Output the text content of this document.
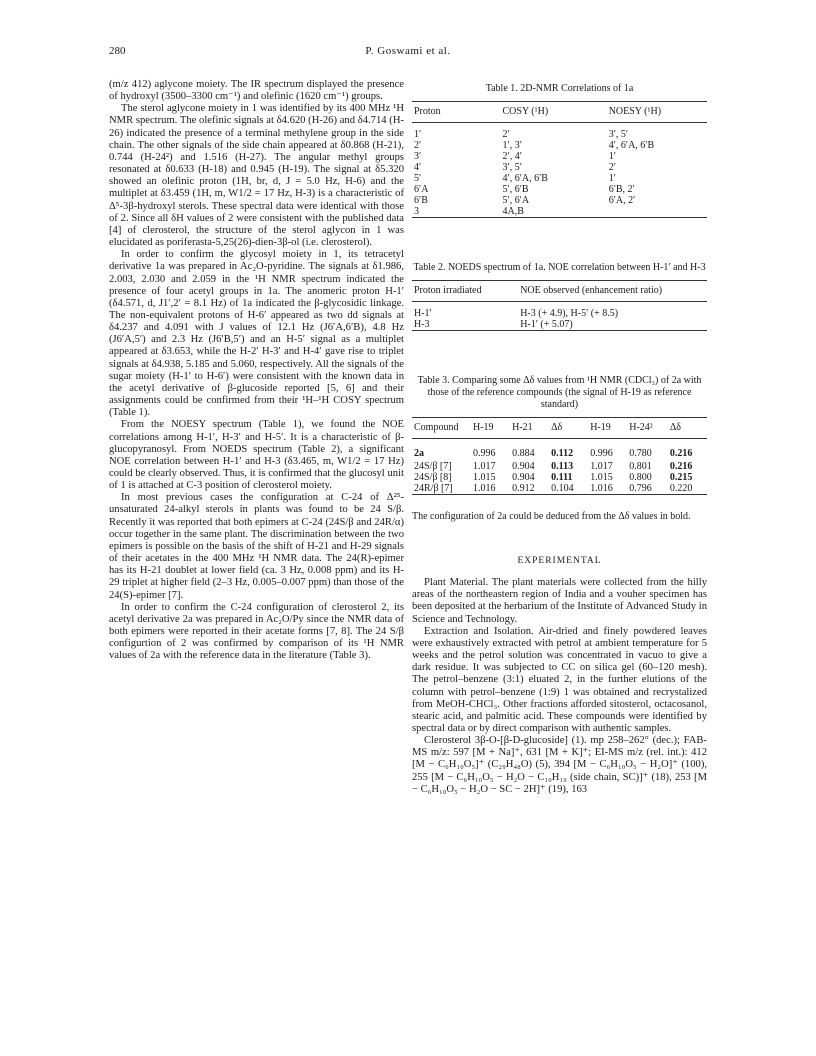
280	P. Goswami et al.

(m/z 412) aglycone moiety. The IR spectrum displayed the presence of hydroxyl (3500–3300 cm⁻¹) and olefinic (1620 cm⁻¹) groups.

The sterol aglycone moiety in 1 was identified by its 400 MHz ¹H NMR spectrum. The olefinic signals at δ4.620 (H-26) and δ4.714 (H-26) indicated the presence of a terminal methylene group in the side chain. The other signals of the side chain appeared at δ0.868 (H-21), 0.744 (H-24²) and 1.516 (H-27). The angular methyl groups resonated at δ0.633 (H-18) and 0.945 (H-19). The signal at δ5.320 showed an olefinic proton (1H, br, d, J = 5.0 Hz, H-6) and the multiplet at δ3.459 (1H, m, W1/2 = 17 Hz, H-3) is a characteristic of Δ⁵-3β-hydroxyl sterols. These spectral data were identical with those of 2. Since all δH values of 2 were consistent with the published data [4] of clerosterol, the structure of the sterol aglycon in 1 was elucidated as poriferasta-5,25(26)-dien-3β-ol (i.e. clerosterol).

In order to confirm the glycosyl moiety in 1, its tetracetyl derivative 1a was prepared in Ac₂O-pyridine. The signals at δ1.986, 2.003, 2.030 and 2.059 in the ¹H NMR spectrum indicated the presence of four acetyl groups in 1a. The anomeric proton H-1′ (δ4.571, d, J1′,2′ = 8.1 Hz) of 1a indicated the β-glycosidic linkage. The non-equivalent protons of H-6′ appeared as two dd signals at δ4.237 and 4.091 with J values of 12.1 Hz (J6′A,6′B), 4.8 Hz (J6′A,5′) and 2.3 Hz (J6′B,5′) and an H-5′ signal as a multiplet appeared at δ3.653, while the H-2′ H-3′ and H-4′ gave rise to triplet signals at δ4.938, 5.185 and 5.060, respectively. All the signals of the sugar moiety (H-1′ to H-6′) were consistent with the known data in the acetyl derivative of β-glucoside reported [5, 6] and their assignments could be confirmed from their ¹H–¹H COSY spectrum (Table 1).

From the NOESY spectrum (Table 1), we found the NOE correlations among H-1′, H-3′ and H-5′. It is a characteristic of β-glucopyranosyl. From NOEDS spectrum (Table 2), a significant NOE correlation between H-1′ and H-3 (δ3.465, m, W1/2 = 17 Hz) could be clearly observed. Thus, it is confirmed that the glucosyl unit of 1 is attached at C-3 position of clerosterol moiety.

In most previous cases the configuration at C-24 of Δ²⁵-unsaturated 24-alkyl sterols in plants was found to be 24 S/β. Recently it was reported that both epimers at C-24 (24S/β and 24R/α) occur together in the same plant. The discrimination between the two epimers is possible on the basis of the shift of H-21 and H-29 signals of their acetates in the 400 MHz ¹H NMR data. The 24(R)-epimer has its H-21 doublet at lower field (ca. 3 Hz, 0.008 ppm) and its H-29 triplet at higher field (2–3 Hz, 0.005–0.007 ppm) than those of the 24(S)-epimer [7].

In order to confirm the C-24 configuration of clerosterol 2, its acetyl derivative 2a was prepared in Ac₂O/Py since the NMR data of both epimers were reported in their acetate forms [7, 8]. The 24 S/β configurtion of 2 was confirmed by comparison of its ¹H NMR values of 2a with the reference data in the literature (Table 3).

Table 1. 2D-NMR Correlations of 1a
Proton	COSY (¹H)	NOESY (¹H)
1′	2′	3′, 5′
2′	1′, 3′	4′, 6′A, 6′B
3′	2′, 4′	1′
4′	3′, 5′	2′
5′	4′, 6′A, 6′B	1′
6′A	5′, 6′B	6′B, 2′
6′B	5′, 6′A	6′A, 2′
3	4A,B	

Table 2. NOEDS spectrum of 1a. NOE correlation between H-1′ and H-3
Proton irradiated	NOE observed (enhancement ratio)
H-1′	H-3 (+ 4.9), H-5′ (+ 8.5)
H-3	H-1′ (+ 5.07)

Table 3. Comparing some Δδ values from ¹H NMR (CDCl₃) of 2a with those of the reference compounds (the signal of H-19 as reference standard)
Compound	H-19	H-21	Δδ	H-19	H-24²	Δδ
2a	0.996	0.884	0.112	0.996	0.780	0.216
24S/β [7]	1.017	0.904	0.113	1.017	0.801	0.216
24S/β [8]	1.015	0.904	0.111	1.015	0.800	0.215
24R/β [7]	1.016	0.912	0.104	1.016	0.796	0.220

The configuration of 2a could be deduced from the Δδ values in bold.
EXPERIMENTAL

Plant Material. The plant materials were collected from the hilly areas of the northeastern region of India and a vouher specimen has been deposited at the herbarium of the Institute of Advanced Study in Science and Technology.

Extraction and Isolation. Air-dried and finely powdered leaves were exhaustively extracted with petrol at ambient temperature for 5 weeks and the petrol solution was concentrated in vacuo to give a dark residue. It was subjected to CC on silica gel (60–120 mesh). The petrol–benzene (3:1) eluated 2, in the further elutions of the column with petrol–benzene (1:9) 1 was obtained and recrystalized from MeOH-CHCl₃. Other fractions afforded sitosterol, octacosanol, stearic acid, and palmitic acid. These compounds were identified by spectral data or by direct comparison with authentic samples.

Clerosterol 3β-O-[β-D-glucoside] (1). mp 258–262° (dec.); FAB-MS m/z: 597 [M + Na]⁺, 631 [M + K]⁺; EI-MS m/z (rel. int.): 412 [M − C₆H₁₀O₅]⁺ (C₂₉H₄₈O) (5), 394 [M − C₆H₁₀O₅ − H₂O]⁺ (100), 255 [M − C₆H₁₀O₅ − H₂O − C₁₀H₁₉ (side chain, SC)]⁺ (18), 253 [M − C₆H₁₀O₅ − H₂O − SC − 2H]⁺ (19), 163
